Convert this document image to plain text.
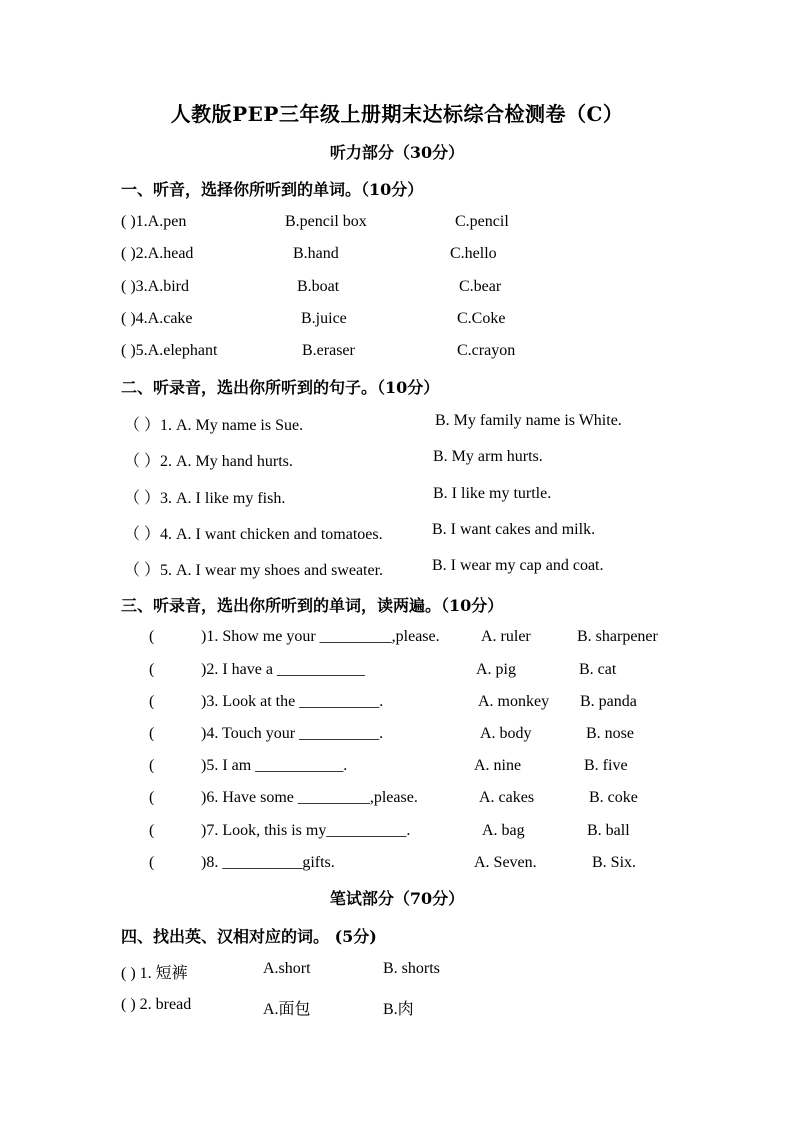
人教版PEP三年级上册期末达标综合检测卷（C）
听力部分（30分）
一、听音，选择你所听到的单词。（10分）
( )1.A.pen	B.pencil box	C.pencil
( )2.A.head	B.hand	C.hello
( )3.A.bird	B.boat	C.bear
( )4.A.cake	B.juice	C.Coke
( )5.A.elephant	B.eraser	C.crayon
二、听录音，选出你所听到的句子。（10分）
（ ）1. A. My name is Sue.	B. My family name is White.
（ ）2. A. My hand hurts.	B. My arm hurts.
（ ）3. A. I like my fish.	B. I like my turtle.
（ ）4. A. I want chicken and tomatoes.	B. I want cakes and milk.
（ ）5. A. I wear my shoes and sweater.	B. I wear my cap and coat.
三、听录音，选出你所听到的单词，读两遍。（10分）
(	)1. Show me your _________,please.	A. ruler	B. sharpener
(	)2. I have a ___________	A. pig	B. cat
(	)3. Look at the __________.	A. monkey B. panda
(	)4. Touch your __________.	A. body	B. nose
(	)5. I am ___________.	A. nine	B. five
(	)6. Have some _________,please.	A. cakes	B. coke
(	)7. Look, this is my__________.	A. bag	B. ball
(	)8. __________gifts.	A. Seven.	B. Six.
笔试部分（70分）
四、找出英、汉相对应的词。 (5分)
( ) 1. 短裤	A.short	B. shorts
( ) 2. bread	A.面包	B.肉
